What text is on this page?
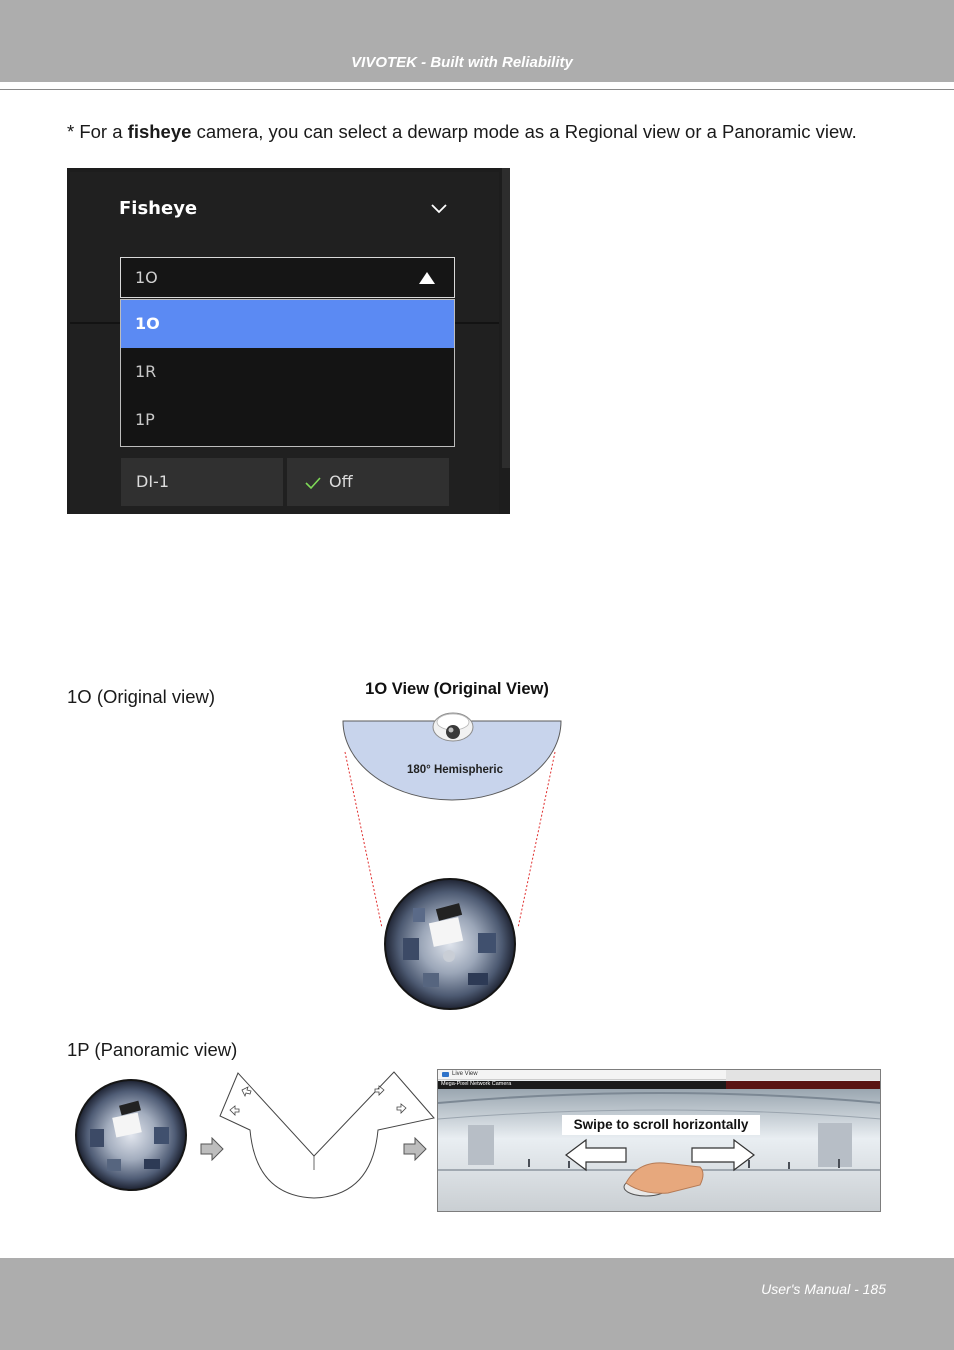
VIVOTEK - Built with Reliability

* For a fisheye camera, you can select a dewarp mode as a Regional view or a Panoramic view.

Fisheye
1O
1O
1R
1P
DI-1	Off
1O (Original view)	1O View (Original View)
180° Hemispheric
1P (Panoramic view)
Live View
Mega-Pixel Network Camera
Swipe to scroll horizontally
User's Manual - 185
